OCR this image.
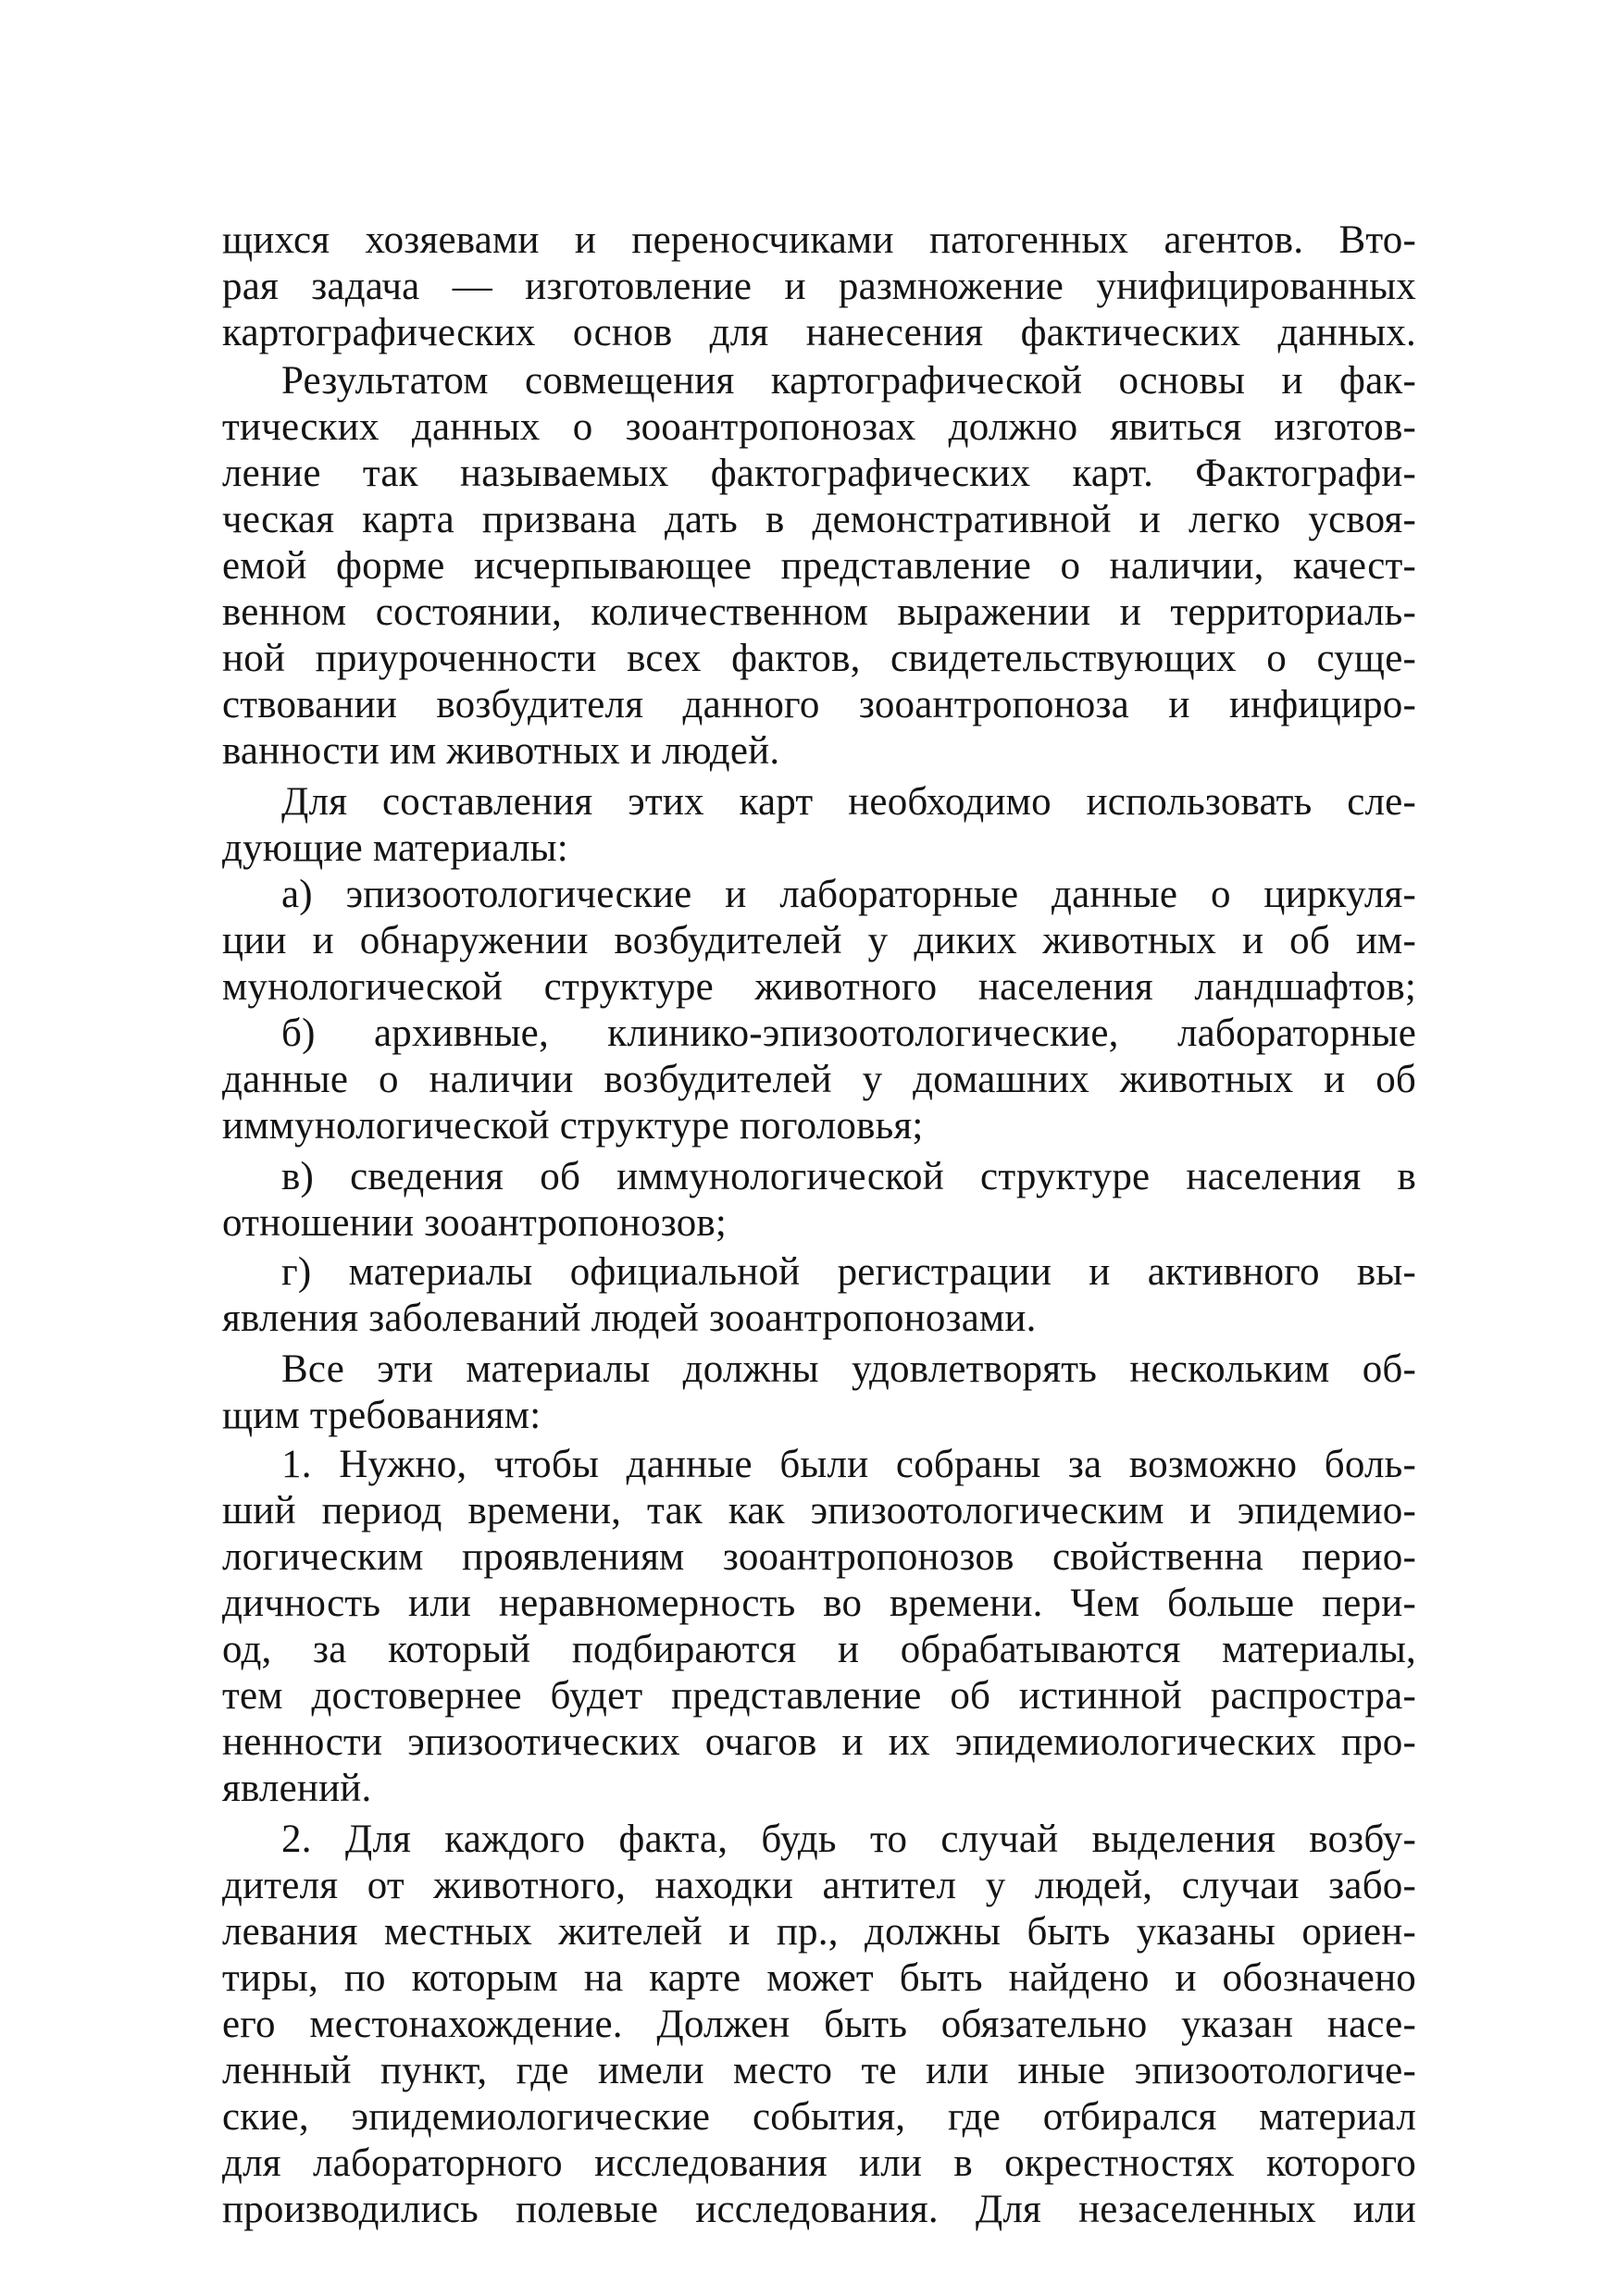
щихся хозяевами и переносчиками патогенных агентов. Вто-
рая задача — изготовление и размножение унифицированных
картографических основ для нанесения фактических данных.
Результатом совмещения картографической основы и фак-
тических данных о зооантропонозах должно явиться изготов-
ление так называемых фактографических карт. Фактографи-
ческая карта призвана дать в демонстративной и легко усвоя-
емой форме исчерпывающее представление о наличии, качест-
венном состоянии, количественном выражении и территориаль-
ной приуроченности всех фактов, свидетельствующих о суще-
ствовании возбудителя данного зооантропоноза и инфициро-
ванности им животных и людей.
Для составления этих карт необходимо использовать сле-
дующие материалы:
а) эпизоотологические и лабораторные данные о циркуля-
ции и обнаружении возбудителей у диких животных и об им-
мунологической структуре животного населения ландшафтов;
б) архивные, клинико-эпизоотологические, лабораторные
данные о наличии возбудителей у домашних животных и об
иммунологической структуре поголовья;
в) сведения об иммунологической структуре населения в
отношении зооантропонозов;
г) материалы официальной регистрации и активного вы-
явления заболеваний людей зооантропонозами.
Все эти материалы должны удовлетворять нескольким об-
щим требованиям:
1. Нужно, чтобы данные были собраны за возможно боль-
ший период времени, так как эпизоотологическим и эпидемио-
логическим проявлениям зооантропонозов свойственна перио-
дичность или неравномерность во времени. Чем больше пери-
од, за который подбираются и обрабатываются материалы,
тем достовернее будет представление об истинной распростра-
ненности эпизоотических очагов и их эпидемиологических про-
явлений.
2. Для каждого факта, будь то случай выделения возбу-
дителя от животного, находки антител у людей, случаи забо-
левания местных жителей и пр., должны быть указаны ориен-
тиры, по которым на карте может быть найдено и обозначено
его местонахождение. Должен быть обязательно указан насе-
ленный пункт, где имели место те или иные эпизоотологиче-
ские, эпидемиологические события, где отбирался материал
для лабораторного исследования или в окрестностях которого
производились полевые исследования. Для незаселенных или
